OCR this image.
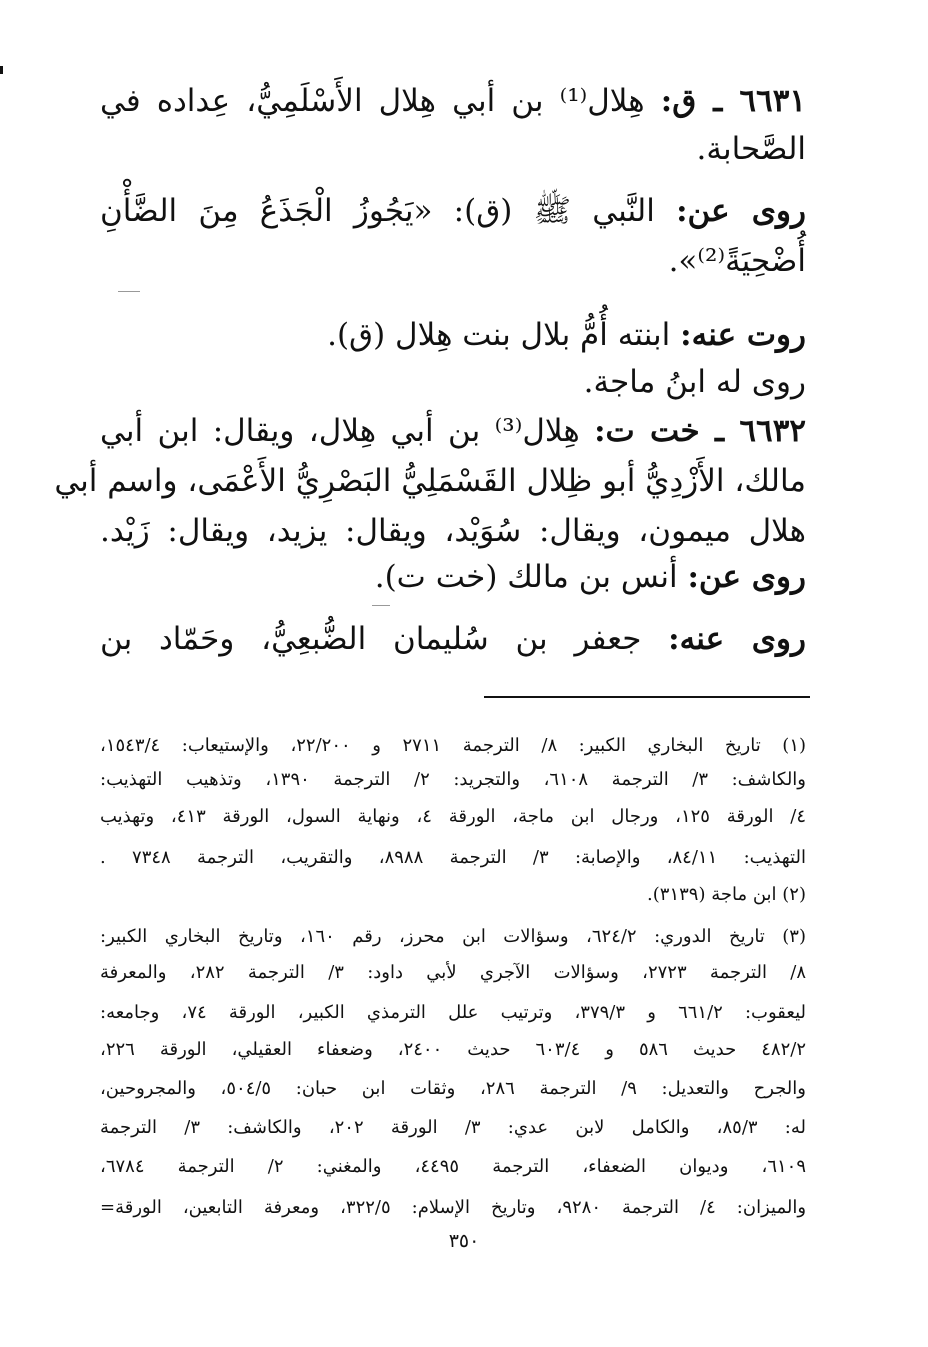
٦٦٣١ ـ ق: هِلال⁽¹⁾ بن أبي هِلال الأَسْلَمِيُّ، عِداده في
الصَّحابة.
روى عن: النَّبي ﷺ (ق): «يَجُوزُ الْجَذَعُ مِنَ الضَّأْنِ
أُضْحِيَةً⁽²⁾».
روت عنه: ابنته أُمُّ بلال بنت هِلال (ق).
روى له ابنُ ماجة.
٦٦٣٢ ـ خت ت: هِلال⁽³⁾ بن أبي هِلال، ويقال: ابن أبي
مالك، الأَزْدِيُّ أبو ظِلال القَسْمَلِيُّ البَصْرِيُّ الأَعْمَى، واسم أبي
هلال ميمون، ويقال: سُوَيْد، ويقال: يزيد، ويقال: زَيْد.
روى عن: أنس بن مالك (خت ت).
روى عنه: جعفر بن سُليمان الضُّبعِيُّ، وحَمّاد بن
(١) تاريخ البخاري الكبير: ٨/ الترجمة ٢٧١١ و ٢٢/٢٠٠، والإستيعاب: ١٥٤٣/٤،
والكاشف: ٣/ الترجمة ٦١٠٨، والتجريد: ٢/ الترجمة ١٣٩٠، وتذهيب التهذيب:
٤/ الورقة ١٢٥، ورجال ابن ماجة، الورقة ٤، ونهاية السول، الورقة ٤١٣، وتهذيب
التهذيب: ٨٤/١١، والإصابة: ٣/ الترجمة ٨٩٨٨، والتقريب، الترجمة ٧٣٤٨ .
(٢) ابن ماجة (٣١٣٩).
(٣) تاريخ الدوري: ٦٢٤/٢، وسؤالات ابن محرز، رقم ١٦٠، وتاريخ البخاري الكبير:
٨/ الترجمة ٢٧٢٣، وسؤالات الآجري لأبي داود: ٣/ الترجمة ٢٨٢، والمعرفة
ليعقوب: ٦٦١/٢ و ٣٧٩/٣، وترتيب علل الترمذي الكبير، الورقة ٧٤، وجامعه:
٤٨٢/٢ حديث ٥٨٦ و ٦٠٣/٤ حديث ٢٤٠٠، وضعفاء العقيلي، الورقة ٢٢٦،
والجرح والتعديل: ٩/ الترجمة ٢٨٦، وثقات ابن حبان: ٥٠٤/٥، والمجروحين،
له: ٨٥/٣، والكامل لابن عدي: ٣/ الورقة ٢٠٢، والكاشف: ٣/ الترجمة
٦١٠٩، وديوان الضعفاء، الترجمة ٤٤٩٥، والمغني: ٢/ الترجمة ٦٧٨٤،
والميزان: ٤/ الترجمة ٩٢٨٠، وتاريخ الإسلام: ٣٢٢/٥، ومعرفة التابعين، الورقة=
٣٥٠
